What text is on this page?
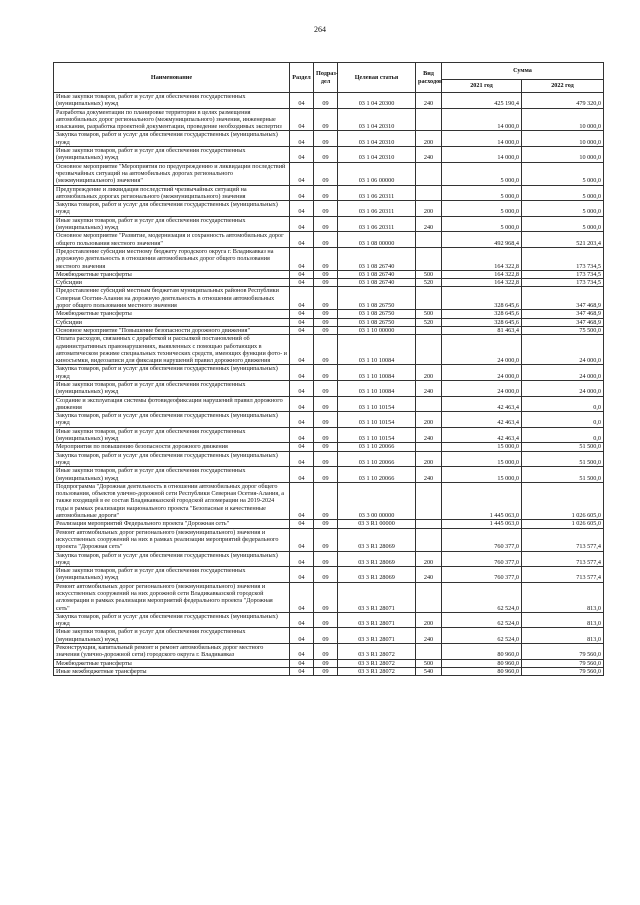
264
Наименование	Раздел	Подраз-
дел	Целевая статья	Вид расходов	Сумма	
					2021 год	2022 год
Иные закупки товаров, работ и услуг для обеспечения государственных (муниципальных) нужд	04	09	03 1 04 20300	240	425 190,4	479 320,0
Разработка документации по планировке территории в целях размещения автомобильных дорог регионального (межмуниципального) значения, инженерные изыскания, разработка проектной документации, проведение необходимых экспертиз	04	09	03 1 04 20310		14 000,0	10 000,0
Закупка товаров, работ и услуг для обеспечения государственных (муниципальных) нужд	04	09	03 1 04 20310	200	14 000,0	10 000,0
Иные закупки товаров, работ и услуг для обеспечения государственных (муниципальных) нужд	04	09	03 1 04 20310	240	14 000,0	10 000,0
Основное мероприятие "Мероприятия по предупреждению и ликвидации последствий чрезвычайных ситуаций на автомобильных дорогах регионального (межмуниципального) значения"	04	09	03 1 06 00000		5 000,0	5 000,0
Предупреждение и ликвидация последствий чрезвычайных ситуаций на автомобильных дорогах регионального (межмуниципального) значения	04	09	03 1 06 20311		5 000,0	5 000,0
Закупка товаров, работ и услуг для обеспечения государственных (муниципальных) нужд	04	09	03 1 06 20311	200	5 000,0	5 000,0
Иные закупки товаров, работ и услуг для обеспечения государственных (муниципальных) нужд	04	09	03 1 06 20311	240	5 000,0	5 000,0
Основное мероприятие "Развитие, модернизация и сохранность автомобильных дорог общего пользования местного значения"	04	09	03 1 08 00000		492 968,4	521 203,4
Предоставление субсидии местному бюджету городского округа г. Владикавказ на дорожную деятельность в отношении автомобильных дорог общего пользования местного значения	04	09	03 1 08 26740		164 322,8	173 734,5
Межбюджетные трансферты	04	09	03 1 08 26740	500	164 322,8	173 734,5
Субсидии	04	09	03 1 08 26740	520	164 322,8	173 734,5
Предоставление субсидий местным бюджетам муниципальных районов Республики Северная Осетия-Алания на дорожную деятельность в отношении автомобильных дорог общего пользования местного значения	04	09	03 1 08 26750		328 645,6	347 468,9
Межбюджетные трансферты	04	09	03 1 08 26750	500	328 645,6	347 468,9
Субсидии	04	09	03 1 08 26750	520	328 645,6	347 468,9
Основное мероприятие "Повышение безопасности дорожного движения"	04	09	03 1 10 00000		81 463,4	75 500,0
Оплата расходов, связанных с доработкой и рассылкой постановлений об административных правонарушениях, выявленных с помощью работающих в автоматическом режиме специальных технических средств, имеющих функции фото- и киносъемки, видеозаписи для фиксации нарушений правил дорожного движения	04	09	03 1 10 10084		24 000,0	24 000,0
Закупка товаров, работ и услуг для обеспечения государственных (муниципальных) нужд	04	09	03 1 10 10084	200	24 000,0	24 000,0
Иные закупки товаров, работ и услуг для обеспечения государственных (муниципальных) нужд	04	09	03 1 10 10084	240	24 000,0	24 000,0
Создание и эксплуатация системы фотовидеофиксации нарушений правил дорожного движения	04	09	03 1 10 10154		42 463,4	0,0
Закупка товаров, работ и услуг для обеспечения государственных (муниципальных) нужд	04	09	03 1 10 10154	200	42 463,4	0,0
Иные закупки товаров, работ и услуг для обеспечения государственных (муниципальных) нужд	04	09	03 1 10 10154	240	42 463,4	0,0
Мероприятия по повышению безопасности дорожного движения	04	09	03 1 10 20066		15 000,0	51 500,0
Закупка товаров, работ и услуг для обеспечения государственных (муниципальных) нужд	04	09	03 1 10 20066	200	15 000,0	51 500,0
Иные закупки товаров, работ и услуг для обеспечения государственных (муниципальных) нужд	04	09	03 1 10 20066	240	15 000,0	51 500,0
Подпрограмма "Дорожная деятельность в отношении автомобильных дорог общего пользования, объектов улично-дорожной сети Республики Северная Осетия-Алания, а также входящей в ее состав Владикавказской городской агломерации на 2019-2024 годы в рамках реализации национального проекта "Безопасные и качественные автомобильные дороги"	04	09	03 3 00 00000		1 445 063,0	1 026 605,0
Реализация мероприятий Федерального проекта "Дорожная сеть"	04	09	03 3 R1 00000		1 445 063,0	1 026 605,0
Ремонт автомобильных дорог регионального (межмуниципального) значения и искусственных сооружений на них в рамках реализации мероприятий федерального проекта "Дорожная сеть"	04	09	03 3 R1 28069		760 377,0	713 577,4
Закупка товаров, работ и услуг для обеспечения государственных (муниципальных) нужд	04	09	03 3 R1 28069	200	760 377,0	713 577,4
Иные закупки товаров, работ и услуг для обеспечения государственных (муниципальных) нужд	04	09	03 3 R1 28069	240	760 377,0	713 577,4
Ремонт автомобильных дорог регионального (межмуниципального) значения и искусственных сооружений на них дорожной сети Владикавказской городской агломерации в рамках реализации мероприятий федерального проекта "Дорожная сеть"	04	09	03 3 R1 28071		62 524,0	813,0
Закупка товаров, работ и услуг для обеспечения государственных (муниципальных) нужд	04	09	03 3 R1 28071	200	62 524,0	813,0
Иные закупки товаров, работ и услуг для обеспечения государственных (муниципальных) нужд	04	09	03 3 R1 28071	240	62 524,0	813,0
Реконструкция, капитальный ремонт и ремонт автомобильных дорог местного значения (улично-дорожной сети) городского округа г. Владикавказ	04	09	03 3 R1 28072		80 960,0	79 560,0
Межбюджетные трансферты	04	09	03 3 R1 28072	500	80 960,0	79 560,0
Иные межбюджетные трансферты	04	09	03 3 R1 28072	540	80 960,0	79 560,0
